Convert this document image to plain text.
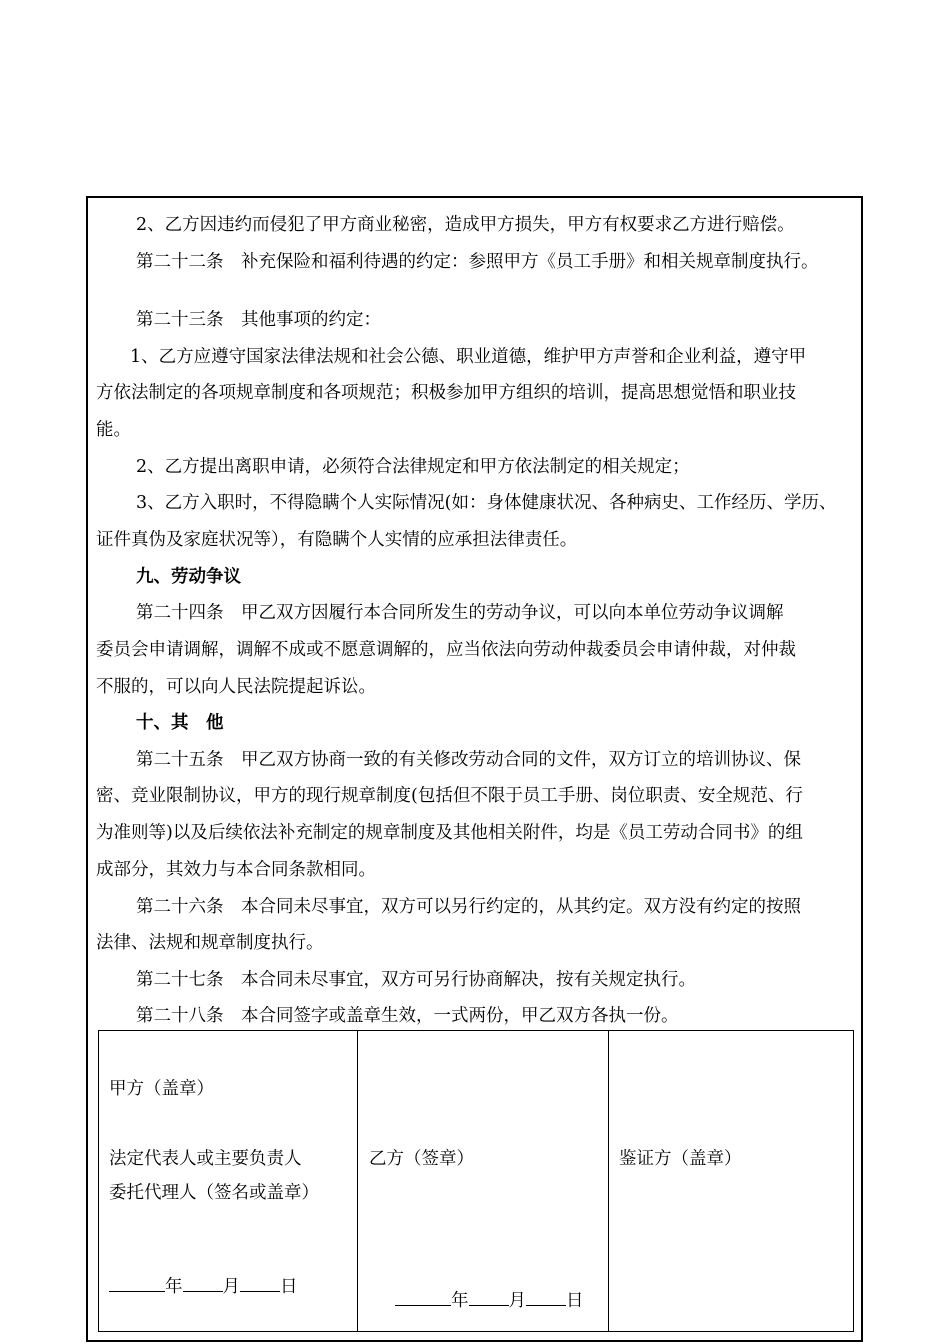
2、乙方因违约而侵犯了甲方商业秘密，造成甲方损失，甲方有权要求乙方进行赔偿。
第二十二条　补充保险和福利待遇的约定：参照甲方《员工手册》和相关规章制度执行。
第二十三条　其他事项的约定：
1、乙方应遵守国家法律法规和社会公德、职业道德，维护甲方声誉和企业利益，遵守甲
方依法制定的各项规章制度和各项规范；积极参加甲方组织的培训，提高思想觉悟和职业技
能。
2、乙方提出离职申请，必须符合法律规定和甲方依法制定的相关规定；
3、乙方入职时，不得隐瞒个人实际情况(如：身体健康状况、各种病史、工作经历、学历、
证件真伪及家庭状况等），有隐瞒个人实情的应承担法律责任。
九、劳动争议
第二十四条　甲乙双方因履行本合同所发生的劳动争议，可以向本单位劳动争议调解
委员会申请调解，调解不成或不愿意调解的，应当依法向劳动仲裁委员会申请仲裁，对仲裁
不服的，可以向人民法院提起诉讼。
十、其　他
第二十五条　甲乙双方协商一致的有关修改劳动合同的文件，双方订立的培训协议、保
密、竞业限制协议，甲方的现行规章制度(包括但不限于员工手册、岗位职责、安全规范、行
为准则等)以及后续依法补充制定的规章制度及其他相关附件，均是《员工劳动合同书》的组
成部分，其效力与本合同条款相同。
第二十六条　本合同未尽事宜，双方可以另行约定的，从其约定。双方没有约定的按照
法律、法规和规章制度执行。
第二十七条　本合同未尽事宜，双方可另行协商解决，按有关规定执行。
第二十八条　本合同签字或盖章生效，一式两份，甲乙双方各执一份。
甲方（盖章）
法定代表人或主要负责人
委托代理人（签名或盖章）
年 月 日
乙方（签章）
年 月 日
鉴证方（盖章）
